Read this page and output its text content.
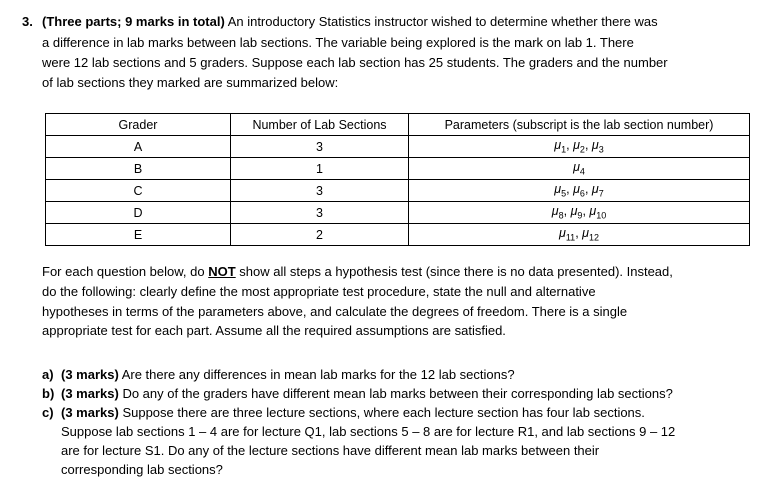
3. (Three parts; 9 marks in total) An introductory Statistics instructor wished to determine whether there was
a difference in lab marks between lab sections. The variable being explored is the mark on lab 1. There
were 12 lab sections and 5 graders. Suppose each lab section has 25 students. The graders and the number
of lab sections they marked are summarized below:
Grader	Number of Lab Sections	Parameters (subscript is the lab section number)
A	3	$\mu_1$, $\mu_2$, $\mu_3$
B	1	$\mu_4$
C	3	$\mu_5$, $\mu_6$, $\mu_7$
D	3	$\mu_8$, $\mu_9$, $\mu_{10}$
E	2	$\mu_{11}$, $\mu_{12}$
For each question below, do NOT show all steps a hypothesis test (since there is no data presented). Instead,
do the following: clearly define the most appropriate test procedure, state the null and alternative
hypotheses in terms of the parameters above, and calculate the degrees of freedom. There is a single
appropriate test for each part. Assume all the required assumptions are satisfied.
a) (3 marks) Are there any differences in mean lab marks for the 12 lab sections?
b) (3 marks) Do any of the graders have different mean lab marks between their corresponding lab sections?
c) (3 marks) Suppose there are three lecture sections, where each lecture section has four lab sections.
Suppose lab sections 1 – 4 are for lecture Q1, lab sections 5 – 8 are for lecture R1, and lab sections 9 – 12
are for lecture S1. Do any of the lecture sections have different mean lab marks between their
corresponding lab sections?
